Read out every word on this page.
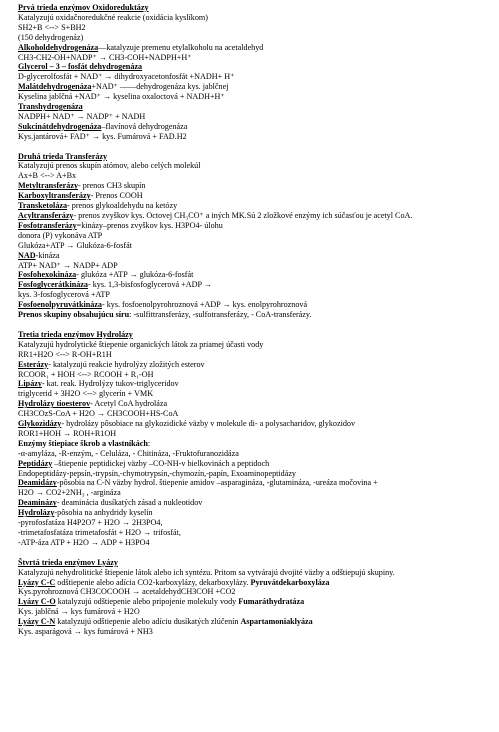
Prvá trieda enzýmov Oxidoreduktázy
Katalyzujú oxidačnoredukčné reakcie (oxidácia kyslíkom)
SH2+B <--> S+BH2
(150 dehydrogenáz)
Alkoholdehydrogenáza—katalyzuje premenu etylalkoholu na acetaldehyd
CH3-CH2-OH+NADP⁺ → CH3-COH+NADPH+H⁺
Glycerol – 3 – fosfát dehydrogenáza
D-glycerolfosfát + NAD⁺ → dihydroxyacetonfosfát +NADH+ H⁺
Malátdehydrogenáza+NAD⁺ ——dehydrogenáza kys. jablčnej
Kyselina jablčná +NAD⁺ → kyselina oxaloctová + NADH+H⁺
Transhydrogenáza
NADPH+ NAD⁺ → NADP⁺ + NADH
Sukcinátdehydrogenáza–flavínová dehydrogenáza
Kys.jantárová+ FAD⁺ → kys. Fumárová + FAD.H2
Druhá trieda Transferázy
Katalyzujú prenos skupín atómov, alebo celých molekúl
Ax+B <--> A+Bx
Metyltransferázy- prenos CH3 skupín
Karboxyltransferázy- Prenos COOH
Transketoláza- prenos glykoaldehydu na ketózy
Acyltransferázy- prenos zvyškov kys. Octovej CH₃CO⁺ a iných MK.Sú 2 zložkové enzýmy ich súčasťou je acetyl CoA.
Fosfotransferázy=kinázy–prenos zvyškov kys. H3PO4- úlohu
donora (P) vykonáva ATP
Glukóza+ATP → Glukóza-6-fosfát
NAD-kináza
ATP+ NAD⁺ → NADP+ ADP
Fosfohexokináza- glukóza +ATP → glukóza-6-fosfát
Fosfoglycerátkináza- kys. 1,3-bisfosfoglycerová +ADP →
kys. 3-fosfoglycerová +ATP
Fosfoenolpyruvátkináza- kys. fosfoenolpyrohroznová +ADP → kys. enolpyrohroznová
Prenos skupiny obsahujúcu síru: -sulfittransferázy, -sulfotransferázy, - CoA-transferázy.
Tretia trieda enzýmov Hydrolázy
Katalyzujú hydrolytické štiepenie organických látok za priamej účasti vody
RR1+H2O <--> R-OH+R1H
Esterázy- katalyzujú reakcie hydrolýzy zložitých esterov
RCOOR₁ + HOH <--> RCOOH + R₁-OH
Lipázy- kat. reak. Hydrolýzy tukov-triglyceridov
triglycerid + 3H2O <--> glycerín + VMK
Hydrolázy tioesterov- Acetyl CoA hydroláza
CH3COzS-CoA + H2O → CH3COOH+HS-CoA
Glykozidázy- hydrolázy pôsobiace na glykozidické väzby v molekule di- a polysacharidov, glykozidov
ROR1+HOH → ROH+R1OH
Enzýmy štiepiace škrob a vlastníkách:
-α-amyláza, -R-enzým, - Celuláza, - Chitináza, -Fruktofuranozidáza
Peptidázy –štiepenie peptidickej väzby –CO-NH-v bielkovinách a peptidoch
Endopeptidázy-pepsín,-trypsín,-chymotrypsín,-chymozín,-papín, Exoaminopeptidázy
Deamidázy-pôsobia na C-N väzby hydrol. štiepenie amidov –asparagináza, -glutamináza, -ureáza močovina +
H2O → CO2+2NH₃ , -argináza
Deaminázy- deaminácia dusíkatých zásad a nukleotidov
Hydrolázy-pôsobia na anhydridy kyselín
-pyrofosfatáza H4P2O7 + H2O → 2H3PO4,
-trimetafosfatáza trimetafosfát + H2O → trifosfát,
-ATP-áza ATP + H2O → ADP + H3PO4
Štvrtá trieda enzýmov Lyázy
Katalyzujú nehydrolitické štiepenie látok alebo ich syntézu. Pritom sa vytvárajú dvojité väzby a odštiepujú skupiny.
Lyázy C-C odštiepenie alebo adícia CO2-karboxylázy, dekarboxylázy. Pyruvátdekarboxyláza
Kys.pyrohroznová CH3COCOOH → acetaldehydCH3COH +CO2
Lyázy C-O katalyzujú odštiepenie alebo pripojenie molekuly vody Fumaráthydratáza
Kys. jablčná → kys fumárová + H2O
Lyázy C-N katalyzujú odštiepenie alebo adíciu dusíkatých zlúčenín Aspartamoniaklyáza
Kys. asparágová → kys fumárová + NH3
